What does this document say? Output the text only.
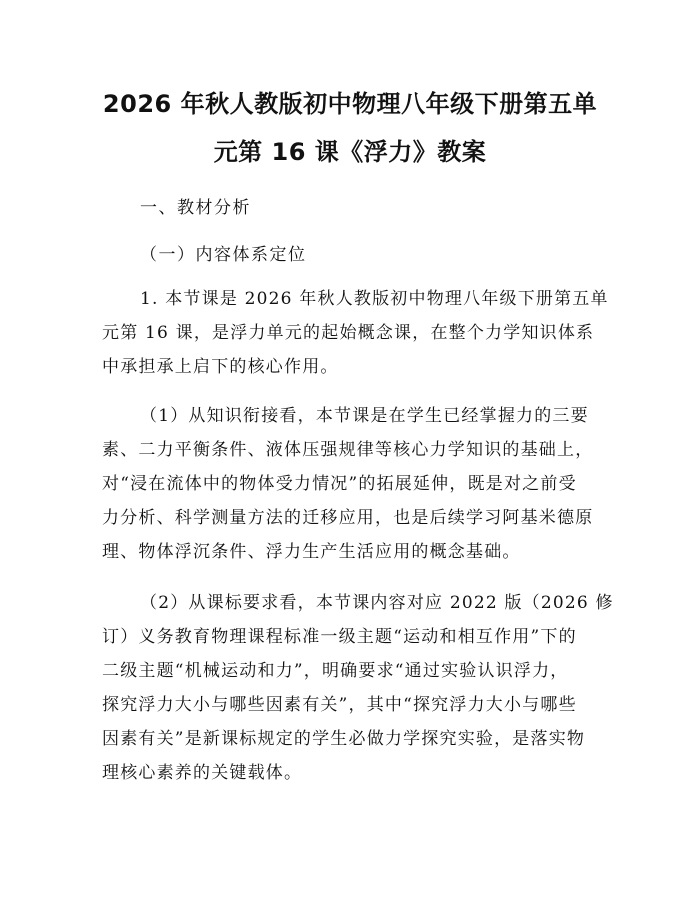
2026 年秋人教版初中物理八年级下册第五单
元第 16 课《浮力》教案
一、教材分析
（一）内容体系定位
1. 本节课是 2026 年秋人教版初中物理八年级下册第五单
元第 16 课，是浮力单元的起始概念课，在整个力学知识体系
中承担承上启下的核心作用。
（1）从知识衔接看，本节课是在学生已经掌握力的三要
素、二力平衡条件、液体压强规律等核心力学知识的基础上，
对“浸在流体中的物体受力情况”的拓展延伸，既是对之前受
力分析、科学测量方法的迁移应用，也是后续学习阿基米德原
理、物体浮沉条件、浮力生产生活应用的概念基础。
（2）从课标要求看，本节课内容对应 2022 版（2026 修
订）义务教育物理课程标准一级主题“运动和相互作用”下的
二级主题“机械运动和力”，明确要求“通过实验认识浮力，
探究浮力大小与哪些因素有关”，其中“探究浮力大小与哪些
因素有关”是新课标规定的学生必做力学探究实验，是落实物
理核心素养的关键载体。
